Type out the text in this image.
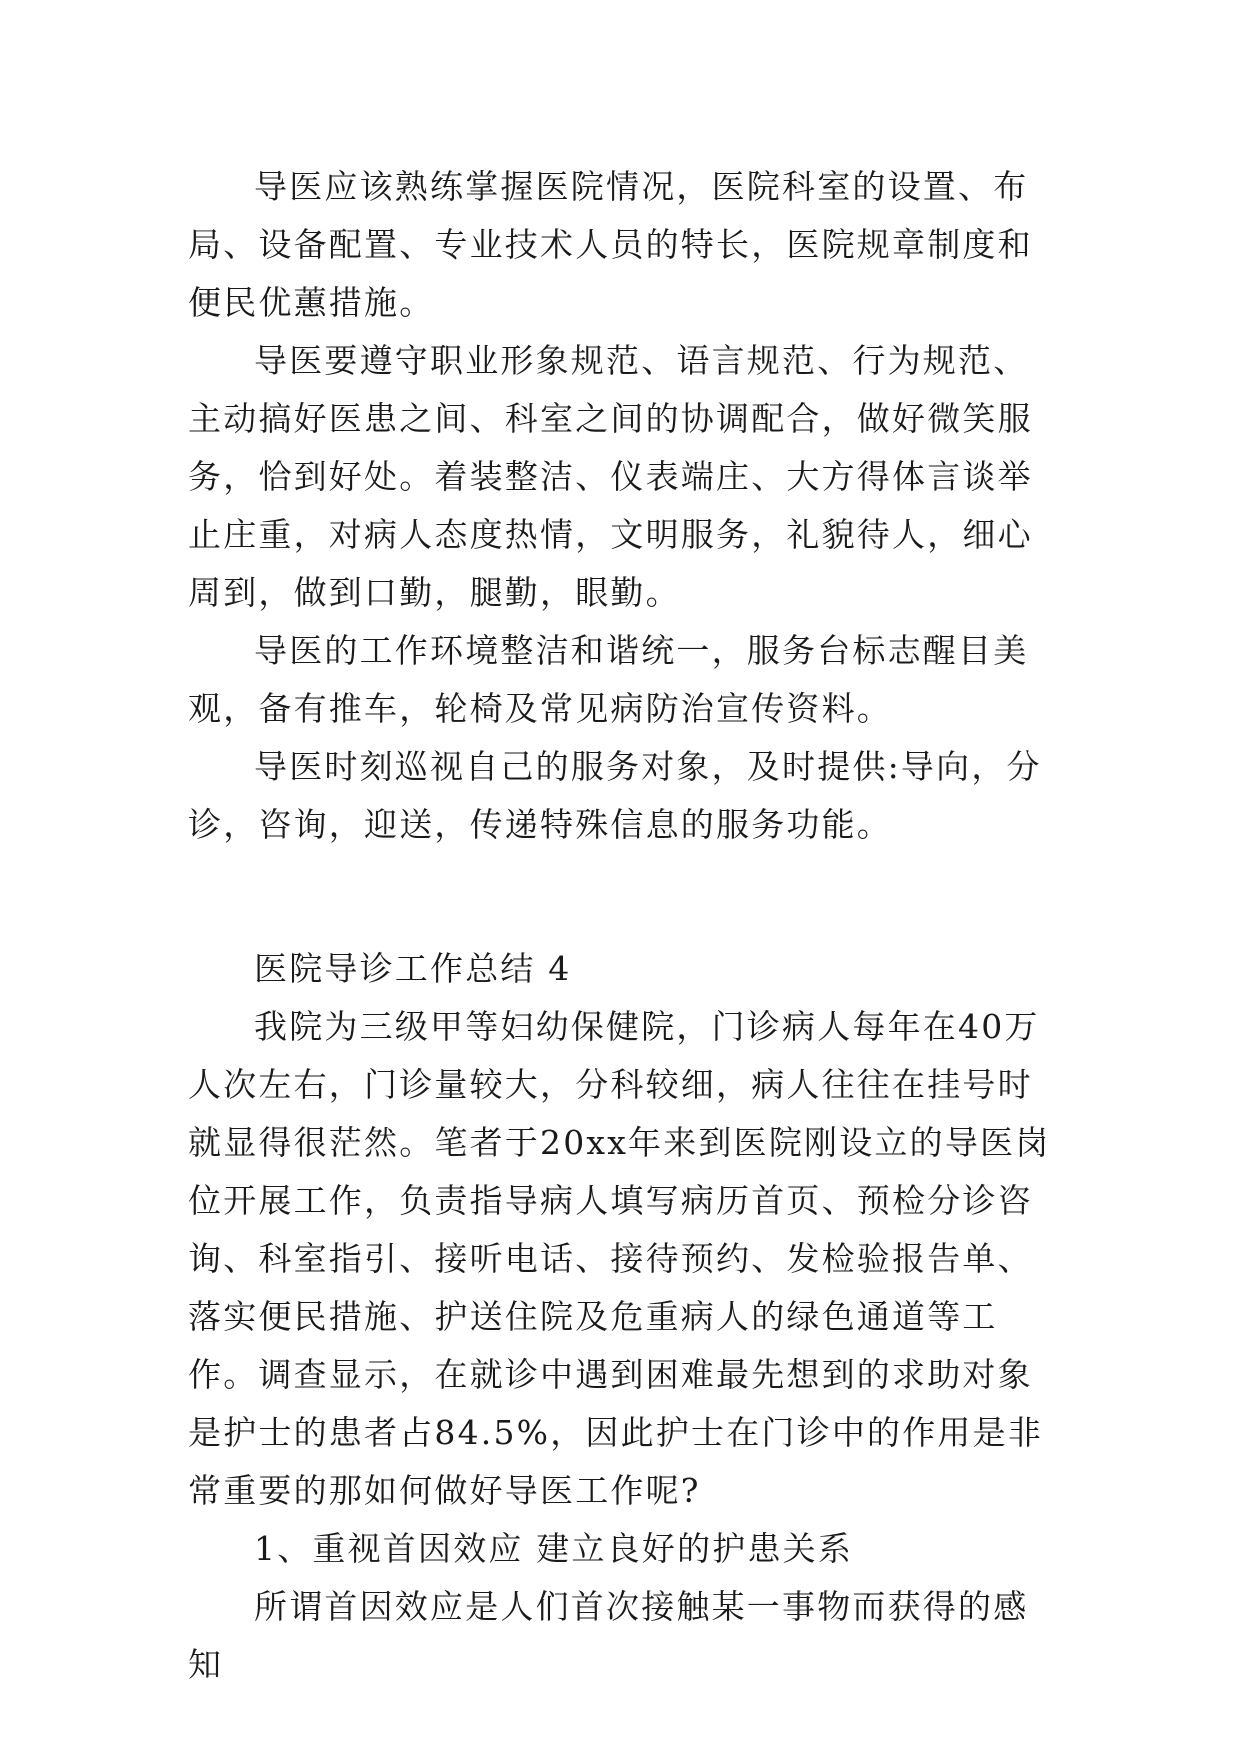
导医应该熟练掌握医院情况，医院科室的设置、布局、设备配置、专业技术人员的特长，医院规章制度和便民优蕙措施。

导医要遵守职业形象规范、语言规范、行为规范、主动搞好医患之间、科室之间的协调配合，做好微笑服务，恰到好处。着装整洁、仪表端庄、大方得体言谈举止庄重，对病人态度热情，文明服务，礼貌待人，细心周到，做到口勤，腿勤，眼勤。

导医的工作环境整洁和谐统一，服务台标志醒目美观，备有推车，轮椅及常见病防治宣传资料。

导医时刻巡视自己的服务对象，及时提供:导向，分诊，咨询，迎送，传递特殊信息的服务功能。

医院导诊工作总结 4

我院为三级甲等妇幼保健院，门诊病人每年在40万人次左右，门诊量较大，分科较细，病人往往在挂号时就显得很茫然。笔者于20xx年来到医院刚设立的导医岗位开展工作，负责指导病人填写病历首页、预检分诊咨询、科室指引、接听电话、接待预约、发检验报告单、落实便民措施、护送住院及危重病人的绿色通道等工作。调查显示，在就诊中遇到困难最先想到的求助对象是护士的患者占84.5%，因此护士在门诊中的作用是非常重要的那如何做好导医工作呢?

1、重视首因效应 建立良好的护患关系

所谓首因效应是人们首次接触某一事物而获得的感知
